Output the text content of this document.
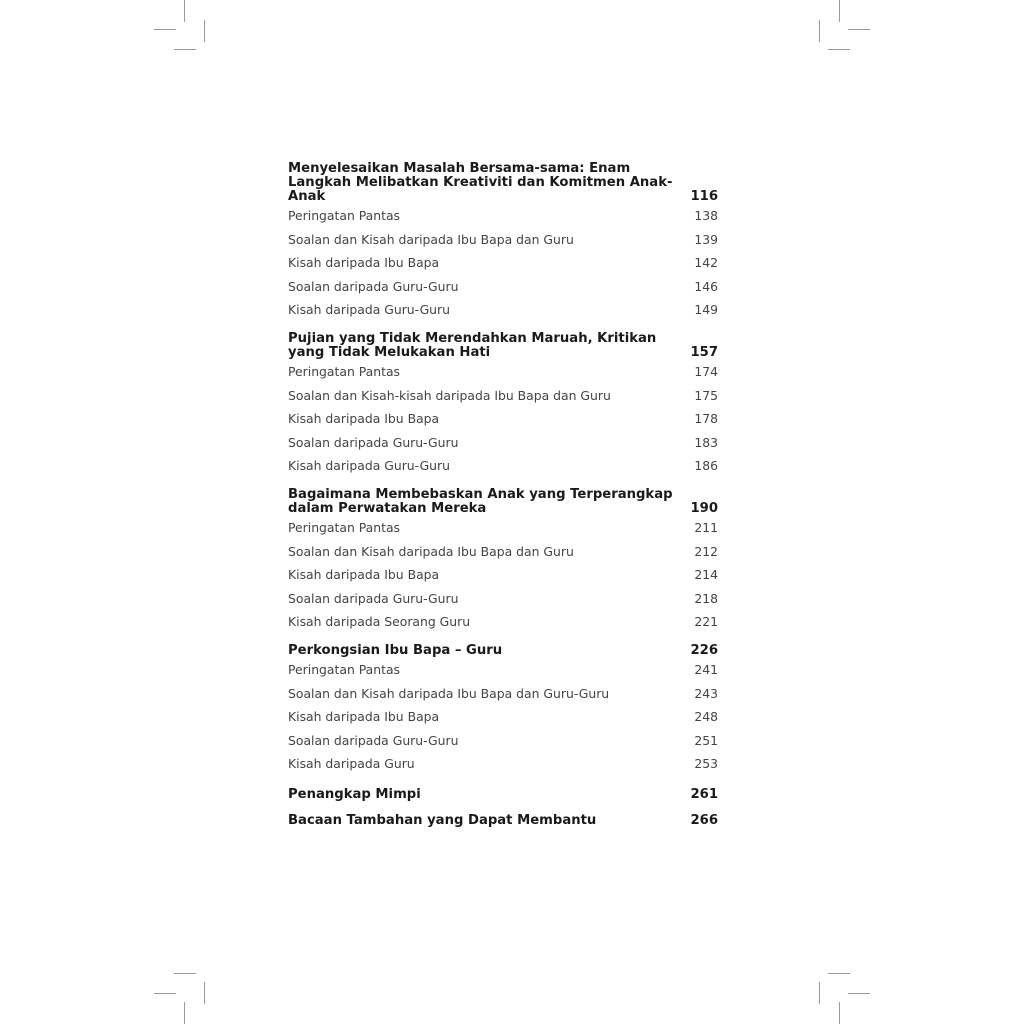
Menyelesaikan Masalah Bersama-sama: Enam Langkah Melibatkan Kreativiti dan Komitmen Anak-Anak	116
Peringatan Pantas	138
Soalan dan Kisah daripada Ibu Bapa dan Guru	139
Kisah daripada Ibu Bapa	142
Soalan daripada Guru-Guru	146
Kisah daripada Guru-Guru	149
Pujian yang Tidak Merendahkan Maruah, Kritikan yang Tidak Melukakan Hati	157
Peringatan Pantas	174
Soalan dan Kisah-kisah daripada Ibu Bapa dan Guru	175
Kisah daripada Ibu Bapa	178
Soalan daripada Guru-Guru	183
Kisah daripada Guru-Guru	186
Bagaimana Membebaskan Anak yang Terperangkap dalam Perwatakan Mereka	190
Peringatan Pantas	211
Soalan dan Kisah daripada Ibu Bapa dan Guru	212
Kisah daripada Ibu Bapa	214
Soalan daripada Guru-Guru	218
Kisah daripada Seorang Guru	221
Perkongsian Ibu Bapa – Guru	226
Peringatan Pantas	241
Soalan dan Kisah daripada Ibu Bapa dan Guru-Guru	243
Kisah daripada Ibu Bapa	248
Soalan daripada Guru-Guru	251
Kisah daripada Guru	253
Penangkap Mimpi	261
Bacaan Tambahan yang Dapat Membantu	266
